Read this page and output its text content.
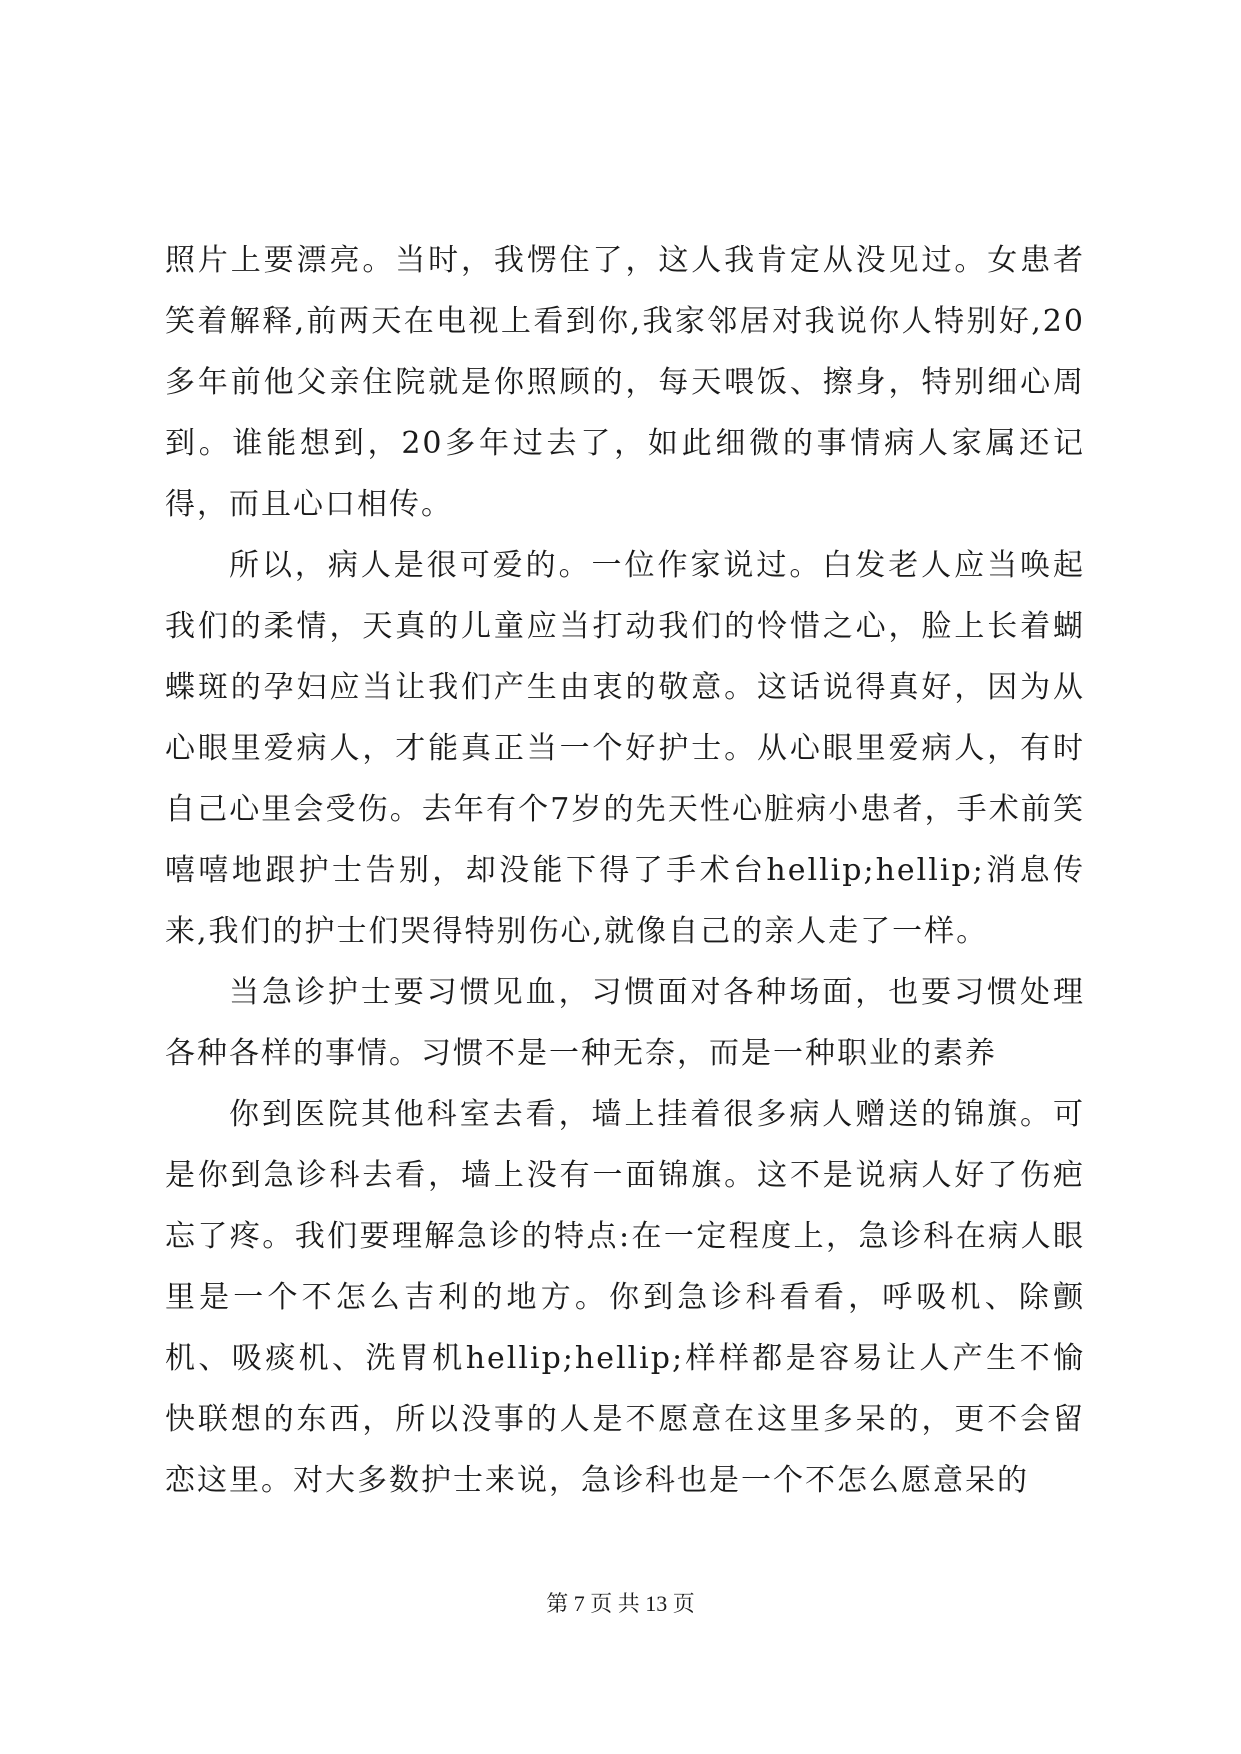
照片上要漂亮。当时，我愣住了，这人我肯定从没见过。女患者笑着解释,前两天在电视上看到你,我家邻居对我说你人特别好,20多年前他父亲住院就是你照顾的，每天喂饭、擦身，特别细心周到。谁能想到，20多年过去了，如此细微的事情病人家属还记得，而且心口相传。

所以，病人是很可爱的。一位作家说过。白发老人应当唤起我们的柔情，天真的儿童应当打动我们的怜惜之心，脸上长着蝴蝶斑的孕妇应当让我们产生由衷的敬意。这话说得真好，因为从心眼里爱病人，才能真正当一个好护士。从心眼里爱病人，有时自己心里会受伤。去年有个7岁的先天性心脏病小患者，手术前笑嘻嘻地跟护士告别，却没能下得了手术台hellip;hellip;消息传来,我们的护士们哭得特别伤心,就像自己的亲人走了一样。

当急诊护士要习惯见血，习惯面对各种场面，也要习惯处理各种各样的事情。习惯不是一种无奈，而是一种职业的素养

你到医院其他科室去看，墙上挂着很多病人赠送的锦旗。可是你到急诊科去看，墙上没有一面锦旗。这不是说病人好了伤疤忘了疼。我们要理解急诊的特点:在一定程度上，急诊科在病人眼里是一个不怎么吉利的地方。你到急诊科看看，呼吸机、除颤机、吸痰机、洗胃机hellip;hellip;样样都是容易让人产生不愉快联想的东西，所以没事的人是不愿意在这里多呆的，更不会留恋这里。对大多数护士来说，急诊科也是一个不怎么愿意呆的

第 7 页 共 13 页
